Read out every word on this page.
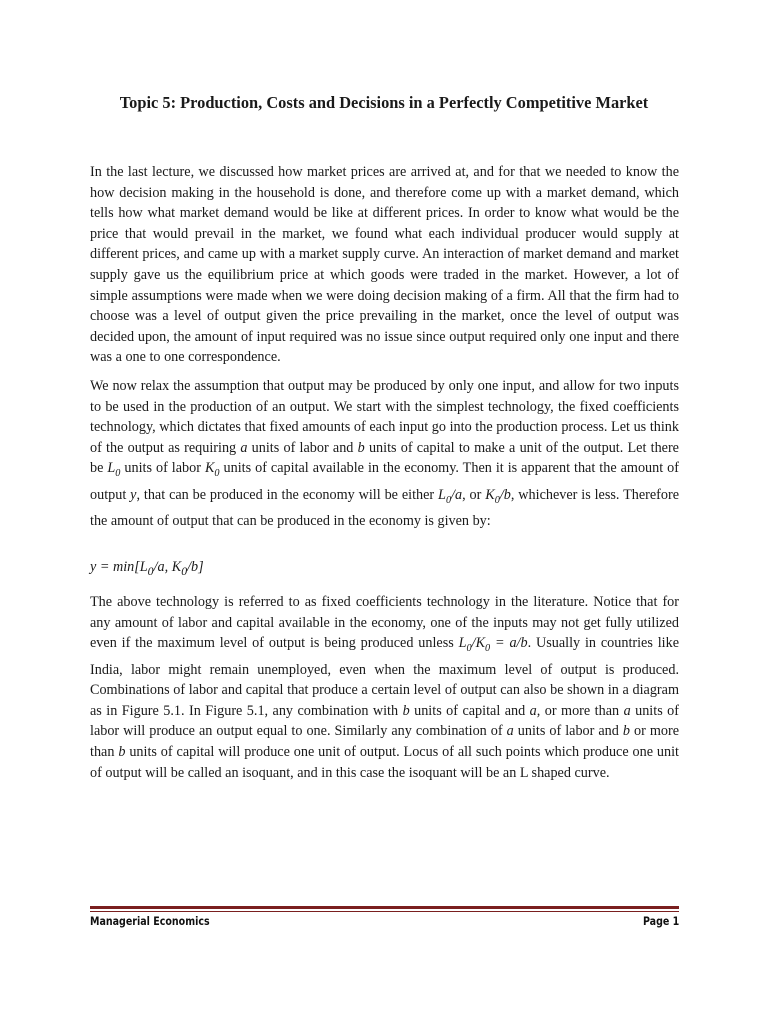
Topic 5: Production, Costs and Decisions in a Perfectly Competitive Market

In the last lecture, we discussed how market prices are arrived at, and for that we needed to know the how decision making in the household is done, and therefore come up with a market demand, which tells how what market demand would be like at different prices. In order to know what would be the price that would prevail in the market, we found what each individual producer would supply at different prices, and came up with a market supply curve. An interaction of market demand and market supply gave us the equilibrium price at which goods were traded in the market. However, a lot of simple assumptions were made when we were doing decision making of a firm. All that the firm had to choose was a level of output given the price prevailing in the market, once the level of output was decided upon, the amount of input required was no issue since output required only one input and there was a one to one correspondence.

We now relax the assumption that output may be produced by only one input, and allow for two inputs to be used in the production of an output. We start with the simplest technology, the fixed coefficients technology, which dictates that fixed amounts of each input go into the production process. Let us think of the output as requiring a units of labor and b units of capital to make a unit of the output. Let there be $L_0$ units of labor $K_0$ units of capital available in the economy. Then it is apparent that the amount of output y, that can be produced in the economy will be either $L_0/a$, or $K_0/b$, whichever is less. Therefore the amount of output that can be produced in the economy is given by:

$y = \min[L_0/a$, $K_0/b$]

The above technology is referred to as fixed coefficients technology in the literature. Notice that for any amount of labor and capital available in the economy, one of the inputs may not get fully utilized even if the maximum level of output is being produced unless $L_0/K_0 = a/b$. Usually in countries like India, labor might remain unemployed, even when the maximum level of output is produced. Combinations of labor and capital that produce a certain level of output can also be shown in a diagram as in Figure 5.1. In Figure 5.1, any combination with b units of capital and a, or more than a units of labor will produce an output equal to one. Similarly any combination of a units of labor and b or more than b units of capital will produce one unit of output. Locus of all such points which produce one unit of output will be called an isoquant, and in this case the isoquant will be an L shaped curve.

Managerial Economics	Page 1
